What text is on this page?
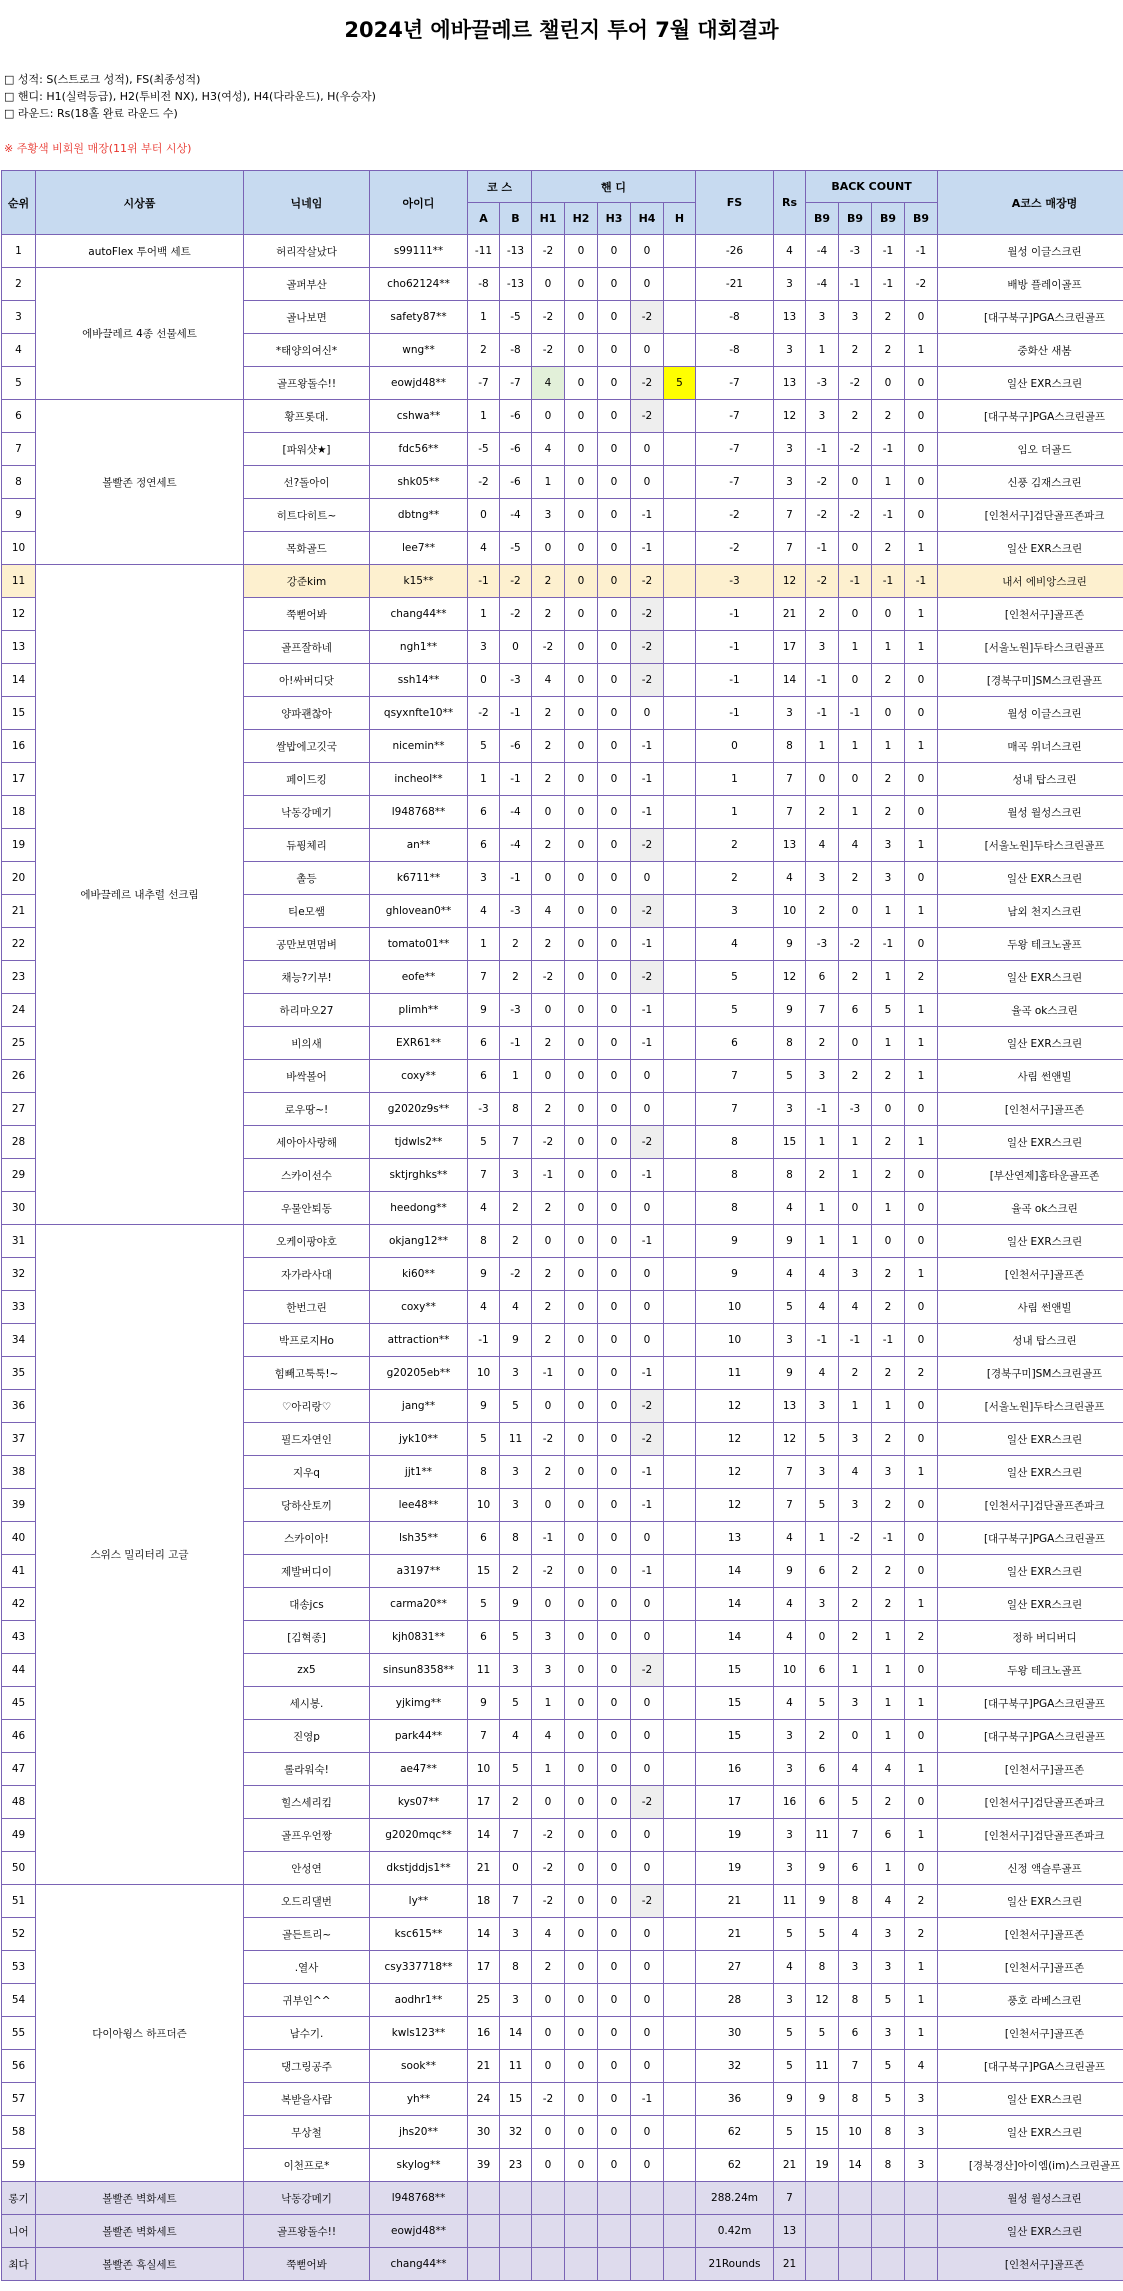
2024년 에바끌레르 챌린지 투어 7월 대회결과
□ 성적: S(스트로크 성적), FS(최종성적)
□ 핸디: H1(실력등급), H2(투비전 NX), H3(여성), H4(다라운드), H(우승자)
□ 라운드: Rs(18홀 완료 라운드 수)
※ 주황색 비회원 매장(11위 부터 시상)
순위	시상품	닉네임	아이디	코 스		핸 디					FS	Rs	BACK COUNT				A코스 매장명
				A	B	H1	H2	H3	H4	H			B9	B9	B9	B9	
1	autoFlex 투어백 세트	허리작살났다	s99111**	-11	-13	-2	0	0	0		-26	4	-4	-3	-1	-1	월성 이글스크린
2	에바끌레르 4종 선물세트	골퍼부산	cho62124**	-8	-13	0	0	0	0		-21	3	-4	-1	-1	-2	배방 플레이골프
3		골나보면	safety87**	1	-5	-2	0	0	-2		-8	13	3	3	2	0	[대구북구]PGA스크린골프
4		*태양의여신*	wng**	2	-8	-2	0	0	0		-8	3	1	2	2	1	중화산 새봄
5		골프왕돌수!!	eowjd48**	-7	-7	4	0	0	-2	5	-7	13	-3	-2	0	0	일산 EXR스크린
6	볼빨존 정연세트	황프롯대.	cshwa**	1	-6	0	0	0	-2		-7	12	3	2	2	0	[대구북구]PGA스크린골프
7		[파워샷★]	fdc56**	-5	-6	4	0	0	0		-7	3	-1	-2	-1	0	임오 더골드
8		선?돌아이	shk05**	-2	-6	1	0	0	0		-7	3	-2	0	1	0	신풍 김재스크린
9		히트다히트~	dbtng**	0	-4	3	0	0	-1		-2	7	-2	-2	-1	0	[인천서구]검단골프존파크
10		목화골드	lee7**	4	-5	0	0	0	-1		-2	7	-1	0	2	1	일산 EXR스크린
11	에바끌레르 내추럴 선크림	강준kim	k15**	-1	-2	2	0	0	-2		-3	12	-2	-1	-1	-1	내서 에비앙스크린
12		쭉뻗어봐	chang44**	1	-2	2	0	0	-2		-1	21	2	0	0	1	[인천서구]골프존
13		골프잘하네	ngh1**	3	0	-2	0	0	-2		-1	17	3	1	1	1	[서울노원]두타스크린골프
14		아!싸버디닷	ssh14**	0	-3	4	0	0	-2		-1	14	-1	0	2	0	[경북구미]SM스크린골프
15		양파괜찮아	qsyxnfte10**	-2	-1	2	0	0	0		-1	3	-1	-1	0	0	월성 이글스크린
16		쌀밥에고깃국	nicemin**	5	-6	2	0	0	-1		0	8	1	1	1	1	매곡 위너스크린
17		페이드킹	incheol**	1	-1	2	0	0	-1		1	7	0	0	2	0	성내 탑스크린
18		낙동강메기	l948768**	6	-4	0	0	0	-1		1	7	2	1	2	0	월성 월성스크린
19		듀퓡체리	an**	6	-4	2	0	0	-2		2	13	4	4	3	1	[서울노원]두타스크린골프
20		촐등	k6711**	3	-1	0	0	0	0		2	4	3	2	3	0	일산 EXR스크린
21		티e모쌤	ghlovean0**	4	-3	4	0	0	-2		3	10	2	0	1	1	남외 천지스크린
22		공만보면멈벼	tomato01**	1	2	2	0	0	-1		4	9	-3	-2	-1	0	두왕 테크노골프
23		채능?기부!	eofe**	7	2	-2	0	0	-2		5	12	6	2	1	2	일산 EXR스크린
24		하리마오27	plimh**	9	-3	0	0	0	-1		5	9	7	6	5	1	율곡 ok스크린
25		비의새	EXR61**	6	-1	2	0	0	-1		6	8	2	0	1	1	일산 EXR스크린
26		바싹볼어	coxy**	6	1	0	0	0	0		7	5	3	2	2	1	사림 썬앤빌
27		로우땅~!	g2020z9s**	-3	8	2	0	0	0		7	3	-1	-3	0	0	[인천서구]골프존
28		세아아사랑해	tjdwls2**	5	7	-2	0	0	-2		8	15	1	1	2	1	일산 EXR스크린
29		스카이선수	sktjrghks**	7	3	-1	0	0	-1		8	8	2	1	2	0	[부산연제]홈타운골프존
30		우물안퇴동	heedong**	4	2	2	0	0	0		8	4	1	0	1	0	율곡 ok스크린
31	스위스 밀리터리 고글	오케이팡야호	okjang12**	8	2	0	0	0	-1		9	9	1	1	0	0	일산 EXR스크린
32		자가라사대	ki60**	9	-2	2	0	0	0		9	4	4	3	2	1	[인천서구]골프존
33		한번그린	coxy**	4	4	2	0	0	0		10	5	4	4	2	0	사림 썬앤빌
34		박프로지Ho	attraction**	-1	9	2	0	0	0		10	3	-1	-1	-1	0	성내 탑스크린
35		힘빼고툭툭!~	g20205eb**	10	3	-1	0	0	-1		11	9	4	2	2	2	[경북구미]SM스크린골프
36		♡아리랑♡	jang**	9	5	0	0	0	-2		12	13	3	1	1	0	[서울노원]두타스크린골프
37		필드자연인	jyk10**	5	11	-2	0	0	-2		12	12	5	3	2	0	일산 EXR스크린
38		지우q	jjt1**	8	3	2	0	0	-1		12	7	3	4	3	1	일산 EXR스크린
39		당하산토끼	lee48**	10	3	0	0	0	-1		12	7	5	3	2	0	[인천서구]검단골프존파크
40		스카이아!	lsh35**	6	8	-1	0	0	0		13	4	1	-2	-1	0	[대구북구]PGA스크린골프
41		제발버디이	a3197**	15	2	-2	0	0	-1		14	9	6	2	2	0	일산 EXR스크린
42		대송jcs	carma20**	5	9	0	0	0	0		14	4	3	2	2	1	일산 EXR스크린
43		[김혁종]	kjh0831**	6	5	3	0	0	0		14	4	0	2	1	2	정하 버디버디
44		zx5	sinsun8358**	11	3	3	0	0	-2		15	10	6	1	1	0	두왕 테크노골프
45		세시봉.	yjkimg**	9	5	1	0	0	0		15	4	5	3	1	1	[대구북구]PGA스크린골프
46		진영p	park44**	7	4	4	0	0	0		15	3	2	0	1	0	[대구북구]PGA스크린골프
47		롤라워숙!	ae47**	10	5	1	0	0	0		16	3	6	4	4	1	[인천서구]골프존
48		힐스세리킴	kys07**	17	2	0	0	0	-2		17	16	6	5	2	0	[인천서구]검단골프존파크
49		골프우언짱	g2020mqc**	14	7	-2	0	0	0		19	3	11	7	6	1	[인천서구]검단골프존파크
50		안성연	dkstjddjs1**	21	0	-2	0	0	0		19	3	9	6	1	0	신정 액슬루골프
51	다이아윙스 하프더즌	오드리댈번	ly**	18	7	-2	0	0	-2		21	11	9	8	4	2	일산 EXR스크린
52		골든트리~	ksc615**	14	3	4	0	0	0		21	5	5	4	3	2	[인천서구]골프존
53		.열사	csy337718**	17	8	2	0	0	0		27	4	8	3	3	1	[인천서구]골프존
54		귀부인^^	aodhr1**	25	3	0	0	0	0		28	3	12	8	5	1	풍호 라베스크린
55		남수기.	kwls123**	16	14	0	0	0	0		30	5	5	6	3	1	[인천서구]골프존
56		댕그링공주	sook**	21	11	0	0	0	0		32	5	11	7	5	4	[대구북구]PGA스크린골프
57		복받을사람	yh**	24	15	-2	0	0	-1		36	9	9	8	5	3	일산 EXR스크린
58		무상철	jhs20**	30	32	0	0	0	0		62	5	15	10	8	3	일산 EXR스크린
59		이천프로*	skylog**	39	23	0	0	0	0		62	21	19	14	8	3	[경북경산]아이엠(im)스크린골프
롱기	볼빨존 벽화세트	낙동강메기	l948768**								288.24m	7					월성 월성스크린
니어	볼빨존 벽화세트	골프왕돌수!!	eowjd48**								0.42m	13					일산 EXR스크린
최다	볼빨존 흑실세트	쭉뻗어봐	chang44**								21Rounds	21					[인천서구]골프존
